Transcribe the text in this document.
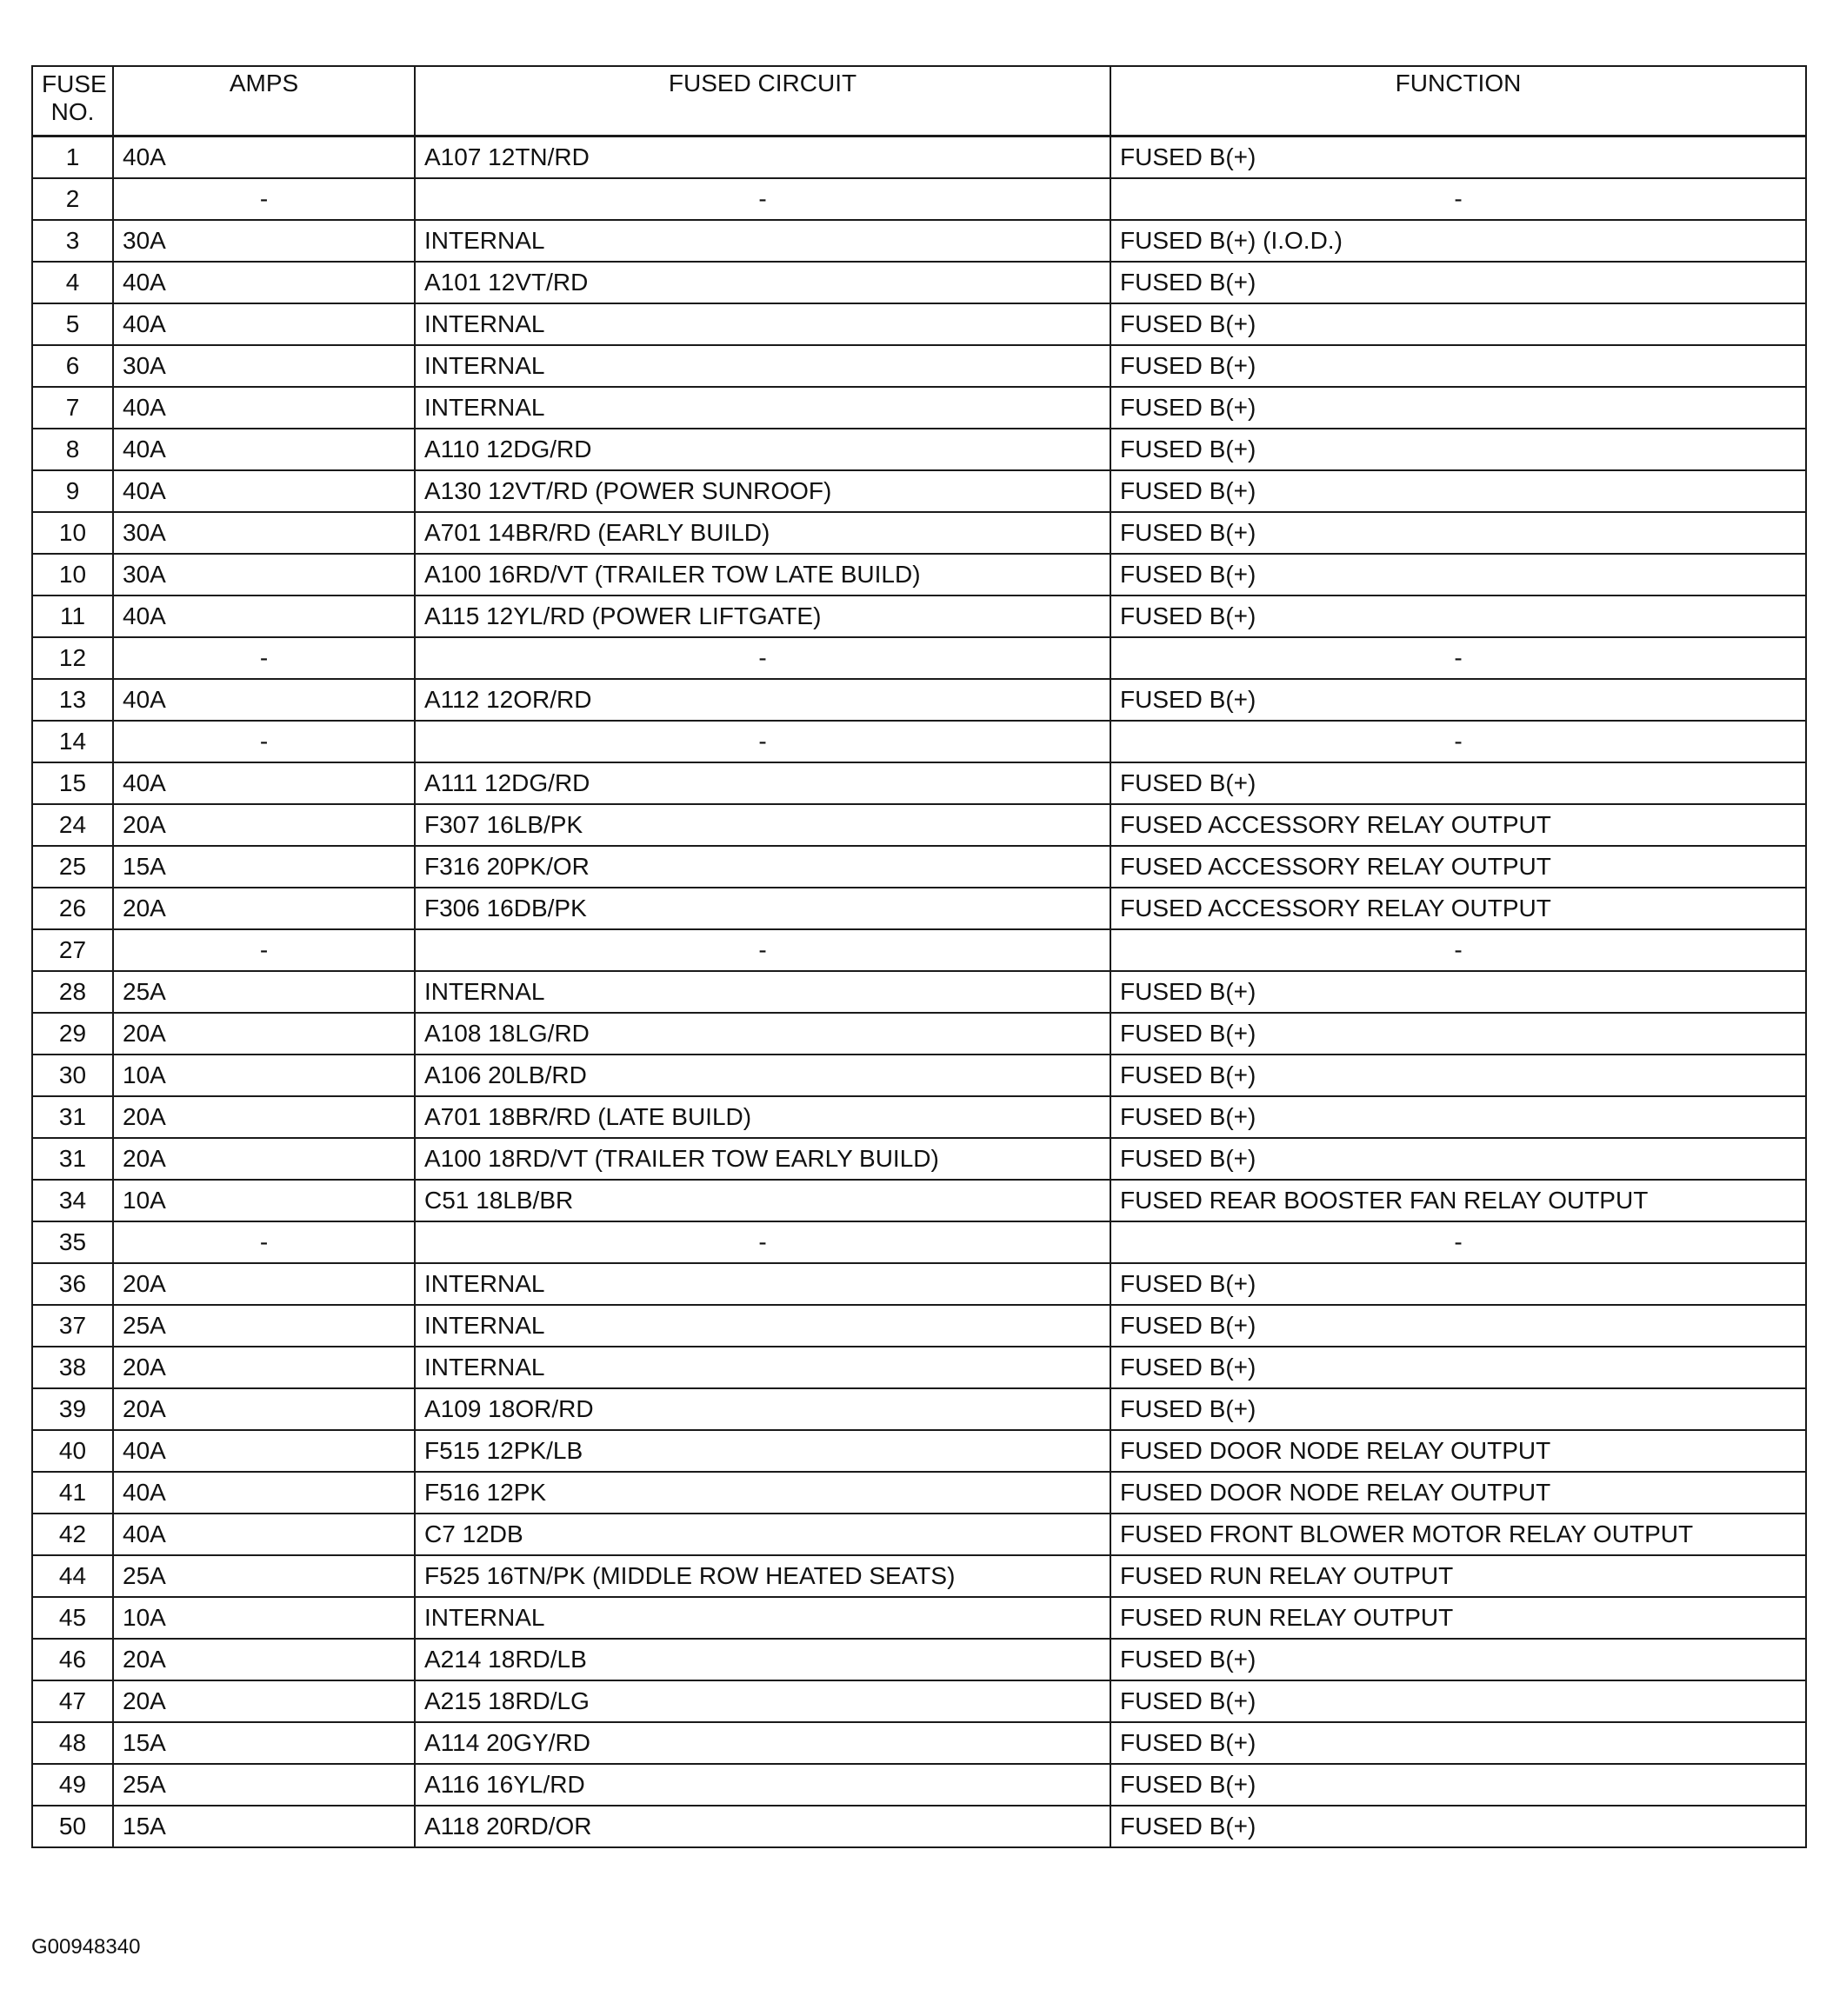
FUSE NO.	AMPS	FUSED CIRCUIT	FUNCTION
1	40A	A107 12TN/RD	FUSED B(+)
2	-	-	-
3	30A	INTERNAL	FUSED B(+) (I.O.D.)
4	40A	A101 12VT/RD	FUSED B(+)
5	40A	INTERNAL	FUSED B(+)
6	30A	INTERNAL	FUSED B(+)
7	40A	INTERNAL	FUSED B(+)
8	40A	A110 12DG/RD	FUSED B(+)
9	40A	A130 12VT/RD (POWER SUNROOF)	FUSED B(+)
10	30A	A701 14BR/RD (EARLY BUILD)	FUSED B(+)
10	30A	A100 16RD/VT (TRAILER TOW LATE BUILD)	FUSED B(+)
11	40A	A115 12YL/RD (POWER LIFTGATE)	FUSED B(+)
12	-	-	-
13	40A	A112 12OR/RD	FUSED B(+)
14	-	-	-
15	40A	A111 12DG/RD	FUSED B(+)
24	20A	F307 16LB/PK	FUSED ACCESSORY RELAY OUTPUT
25	15A	F316 20PK/OR	FUSED ACCESSORY RELAY OUTPUT
26	20A	F306 16DB/PK	FUSED ACCESSORY RELAY OUTPUT
27	-	-	-
28	25A	INTERNAL	FUSED B(+)
29	20A	A108 18LG/RD	FUSED B(+)
30	10A	A106 20LB/RD	FUSED B(+)
31	20A	A701 18BR/RD (LATE BUILD)	FUSED B(+)
31	20A	A100 18RD/VT (TRAILER TOW EARLY BUILD)	FUSED B(+)
34	10A	C51 18LB/BR	FUSED REAR BOOSTER FAN RELAY OUTPUT
35	-	-	-
36	20A	INTERNAL	FUSED B(+)
37	25A	INTERNAL	FUSED B(+)
38	20A	INTERNAL	FUSED B(+)
39	20A	A109 18OR/RD	FUSED B(+)
40	40A	F515 12PK/LB	FUSED DOOR NODE RELAY OUTPUT
41	40A	F516 12PK	FUSED DOOR NODE RELAY OUTPUT
42	40A	C7 12DB	FUSED FRONT BLOWER MOTOR RELAY OUTPUT
44	25A	F525 16TN/PK (MIDDLE ROW HEATED SEATS)	FUSED RUN RELAY OUTPUT
45	10A	INTERNAL	FUSED RUN RELAY OUTPUT
46	20A	A214 18RD/LB	FUSED B(+)
47	20A	A215 18RD/LG	FUSED B(+)
48	15A	A114 20GY/RD	FUSED B(+)
49	25A	A116 16YL/RD	FUSED B(+)
50	15A	A118 20RD/OR	FUSED B(+)
G00948340
